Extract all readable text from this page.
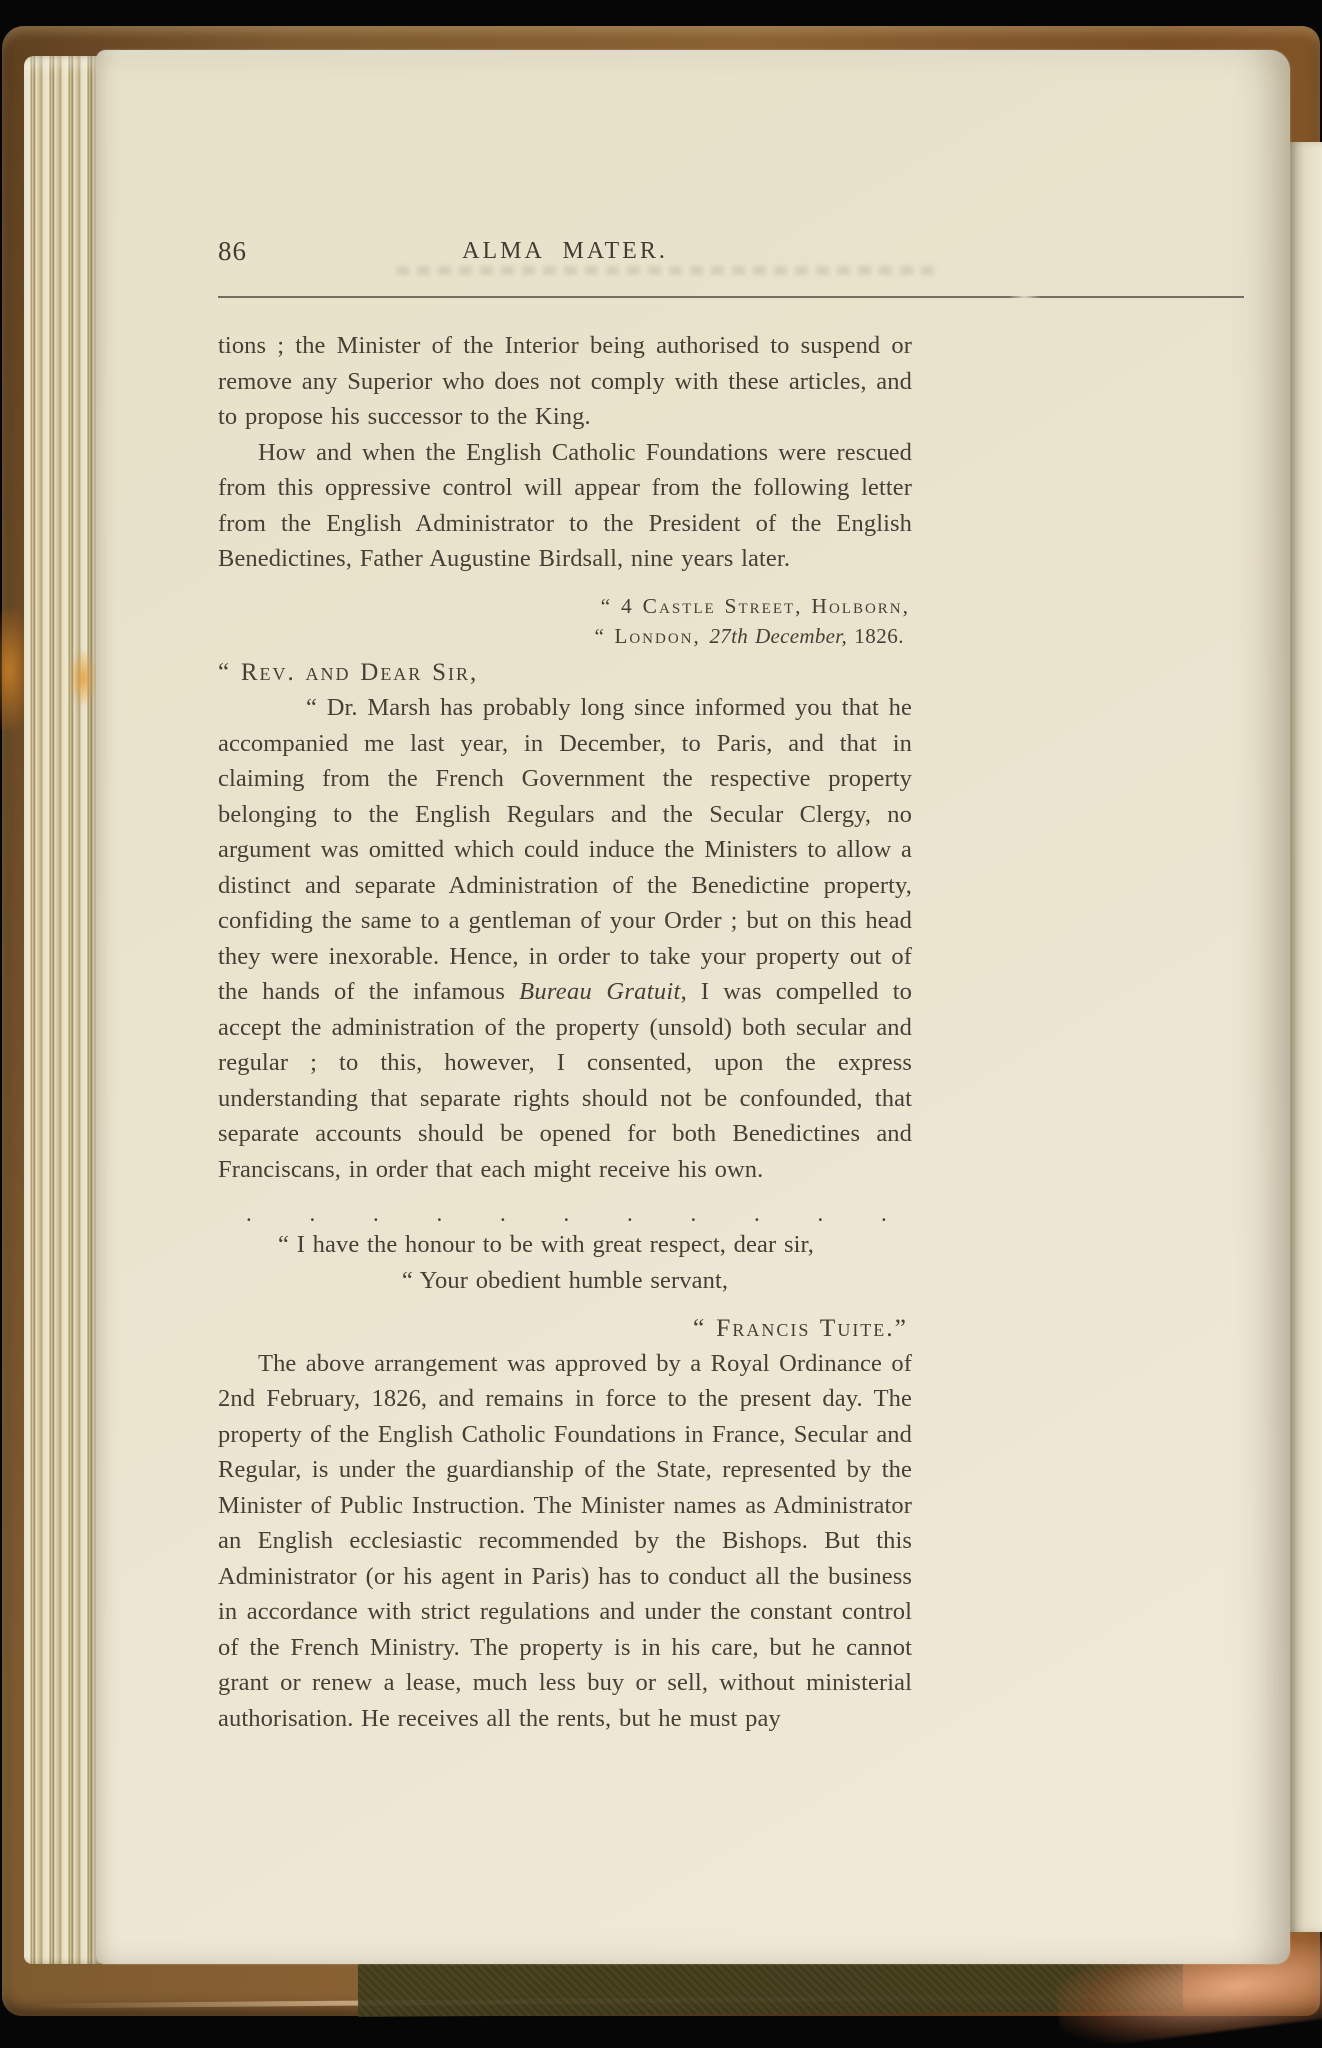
86	ALMA MATER.

tions ; the Minister of the Interior being authorised to suspend or remove any Superior who does not comply with these articles, and to propose his successor to the King.

How and when the English Catholic Foundations were rescued from this oppressive control will appear from the following letter from the English Administrator to the President of the English Benedictines, Father Augustine Birdsall, nine years later.

“ 4 Castle Street, Holborn,
“ London, 27th December, 1826.
“ Rev. and Dear Sir,

“ Dr. Marsh has probably long since informed you that he accompanied me last year, in December, to Paris, and that in claiming from the French Government the respective property belonging to the English Regulars and the Secular Clergy, no argument was omitted which could induce the Ministers to allow a distinct and separate Administration of the Benedictine property, confiding the same to a gentleman of your Order ; but on this head they were inexorable. Hence, in order to take your property out of the hands of the infamous Bureau Gratuit, I was compelled to accept the administration of the property (unsold) both secular and regular ; to this, however, I consented, upon the express understanding that separate rights should not be confounded, that separate accounts should be opened for both Benedictines and Franciscans, in order that each might receive his own.

. . . . . . . . . . .

“ I have the honour to be with great respect, dear sir,

“ Your obedient humble servant,

“ Francis Tuite.”

The above arrangement was approved by a Royal Ordinance of 2nd February, 1826, and remains in force to the present day. The property of the English Catholic Foundations in France, Secular and Regular, is under the guardianship of the State, represented by the Minister of Public Instruction. The Minister names as Administrator an English ecclesiastic recommended by the Bishops. But this Administrator (or his agent in Paris) has to conduct all the business in accordance with strict regulations and under the constant control of the French Ministry. The property is in his care, but he cannot grant or renew a lease, much less buy or sell, without ministerial authorisation. He receives all the rents, but he must pay
